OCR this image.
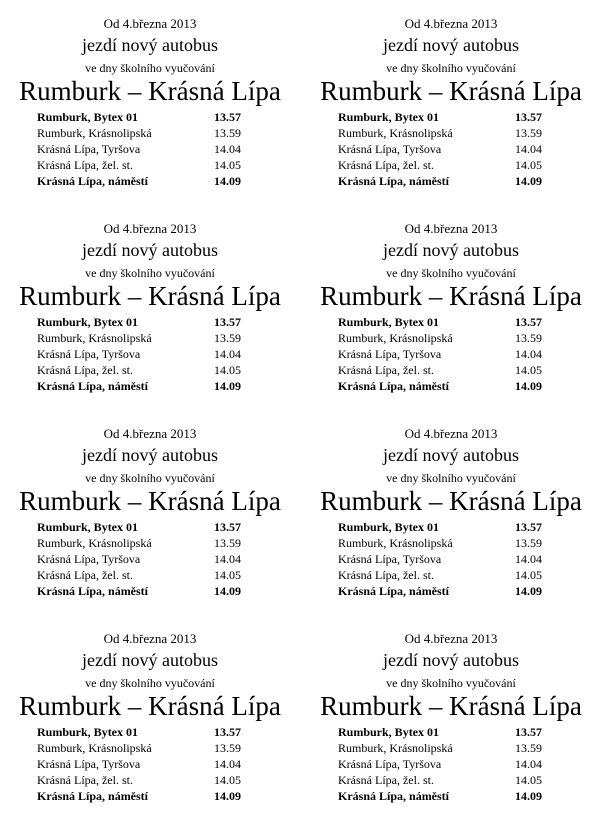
Od 4.března 2013
jezdí nový autobus
ve dny školního vyučování
Rumburk – Krásná Lípa
Rumburk, Bytex 01	13.57
Rumburk, Krásnolipská	13.59
Krásná Lípa, Tyršova	14.04
Krásná Lípa, žel. st.	14.05
Krásná Lípa, náměstí	14.09
Od 4.března 2013
jezdí nový autobus
ve dny školního vyučování
Rumburk – Krásná Lípa
Rumburk, Bytex 01	13.57
Rumburk, Krásnolipská	13.59
Krásná Lípa, Tyršova	14.04
Krásná Lípa, žel. st.	14.05
Krásná Lípa, náměstí	14.09
Od 4.března 2013
jezdí nový autobus
ve dny školního vyučování
Rumburk – Krásná Lípa
Rumburk, Bytex 01	13.57
Rumburk, Krásnolipská	13.59
Krásná Lípa, Tyršova	14.04
Krásná Lípa, žel. st.	14.05
Krásná Lípa, náměstí	14.09
Od 4.března 2013
jezdí nový autobus
ve dny školního vyučování
Rumburk – Krásná Lípa
Rumburk, Bytex 01	13.57
Rumburk, Krásnolipská	13.59
Krásná Lípa, Tyršova	14.04
Krásná Lípa, žel. st.	14.05
Krásná Lípa, náměstí	14.09
Od 4.března 2013
jezdí nový autobus
ve dny školního vyučování
Rumburk – Krásná Lípa
Rumburk, Bytex 01	13.57
Rumburk, Krásnolipská	13.59
Krásná Lípa, Tyršova	14.04
Krásná Lípa, žel. st.	14.05
Krásná Lípa, náměstí	14.09
Od 4.března 2013
jezdí nový autobus
ve dny školního vyučování
Rumburk – Krásná Lípa
Rumburk, Bytex 01	13.57
Rumburk, Krásnolipská	13.59
Krásná Lípa, Tyršova	14.04
Krásná Lípa, žel. st.	14.05
Krásná Lípa, náměstí	14.09
Od 4.března 2013
jezdí nový autobus
ve dny školního vyučování
Rumburk – Krásná Lípa
Rumburk, Bytex 01	13.57
Rumburk, Krásnolipská	13.59
Krásná Lípa, Tyršova	14.04
Krásná Lípa, žel. st.	14.05
Krásná Lípa, náměstí	14.09
Od 4.března 2013
jezdí nový autobus
ve dny školního vyučování
Rumburk – Krásná Lípa
Rumburk, Bytex 01	13.57
Rumburk, Krásnolipská	13.59
Krásná Lípa, Tyršova	14.04
Krásná Lípa, žel. st.	14.05
Krásná Lípa, náměstí	14.09
